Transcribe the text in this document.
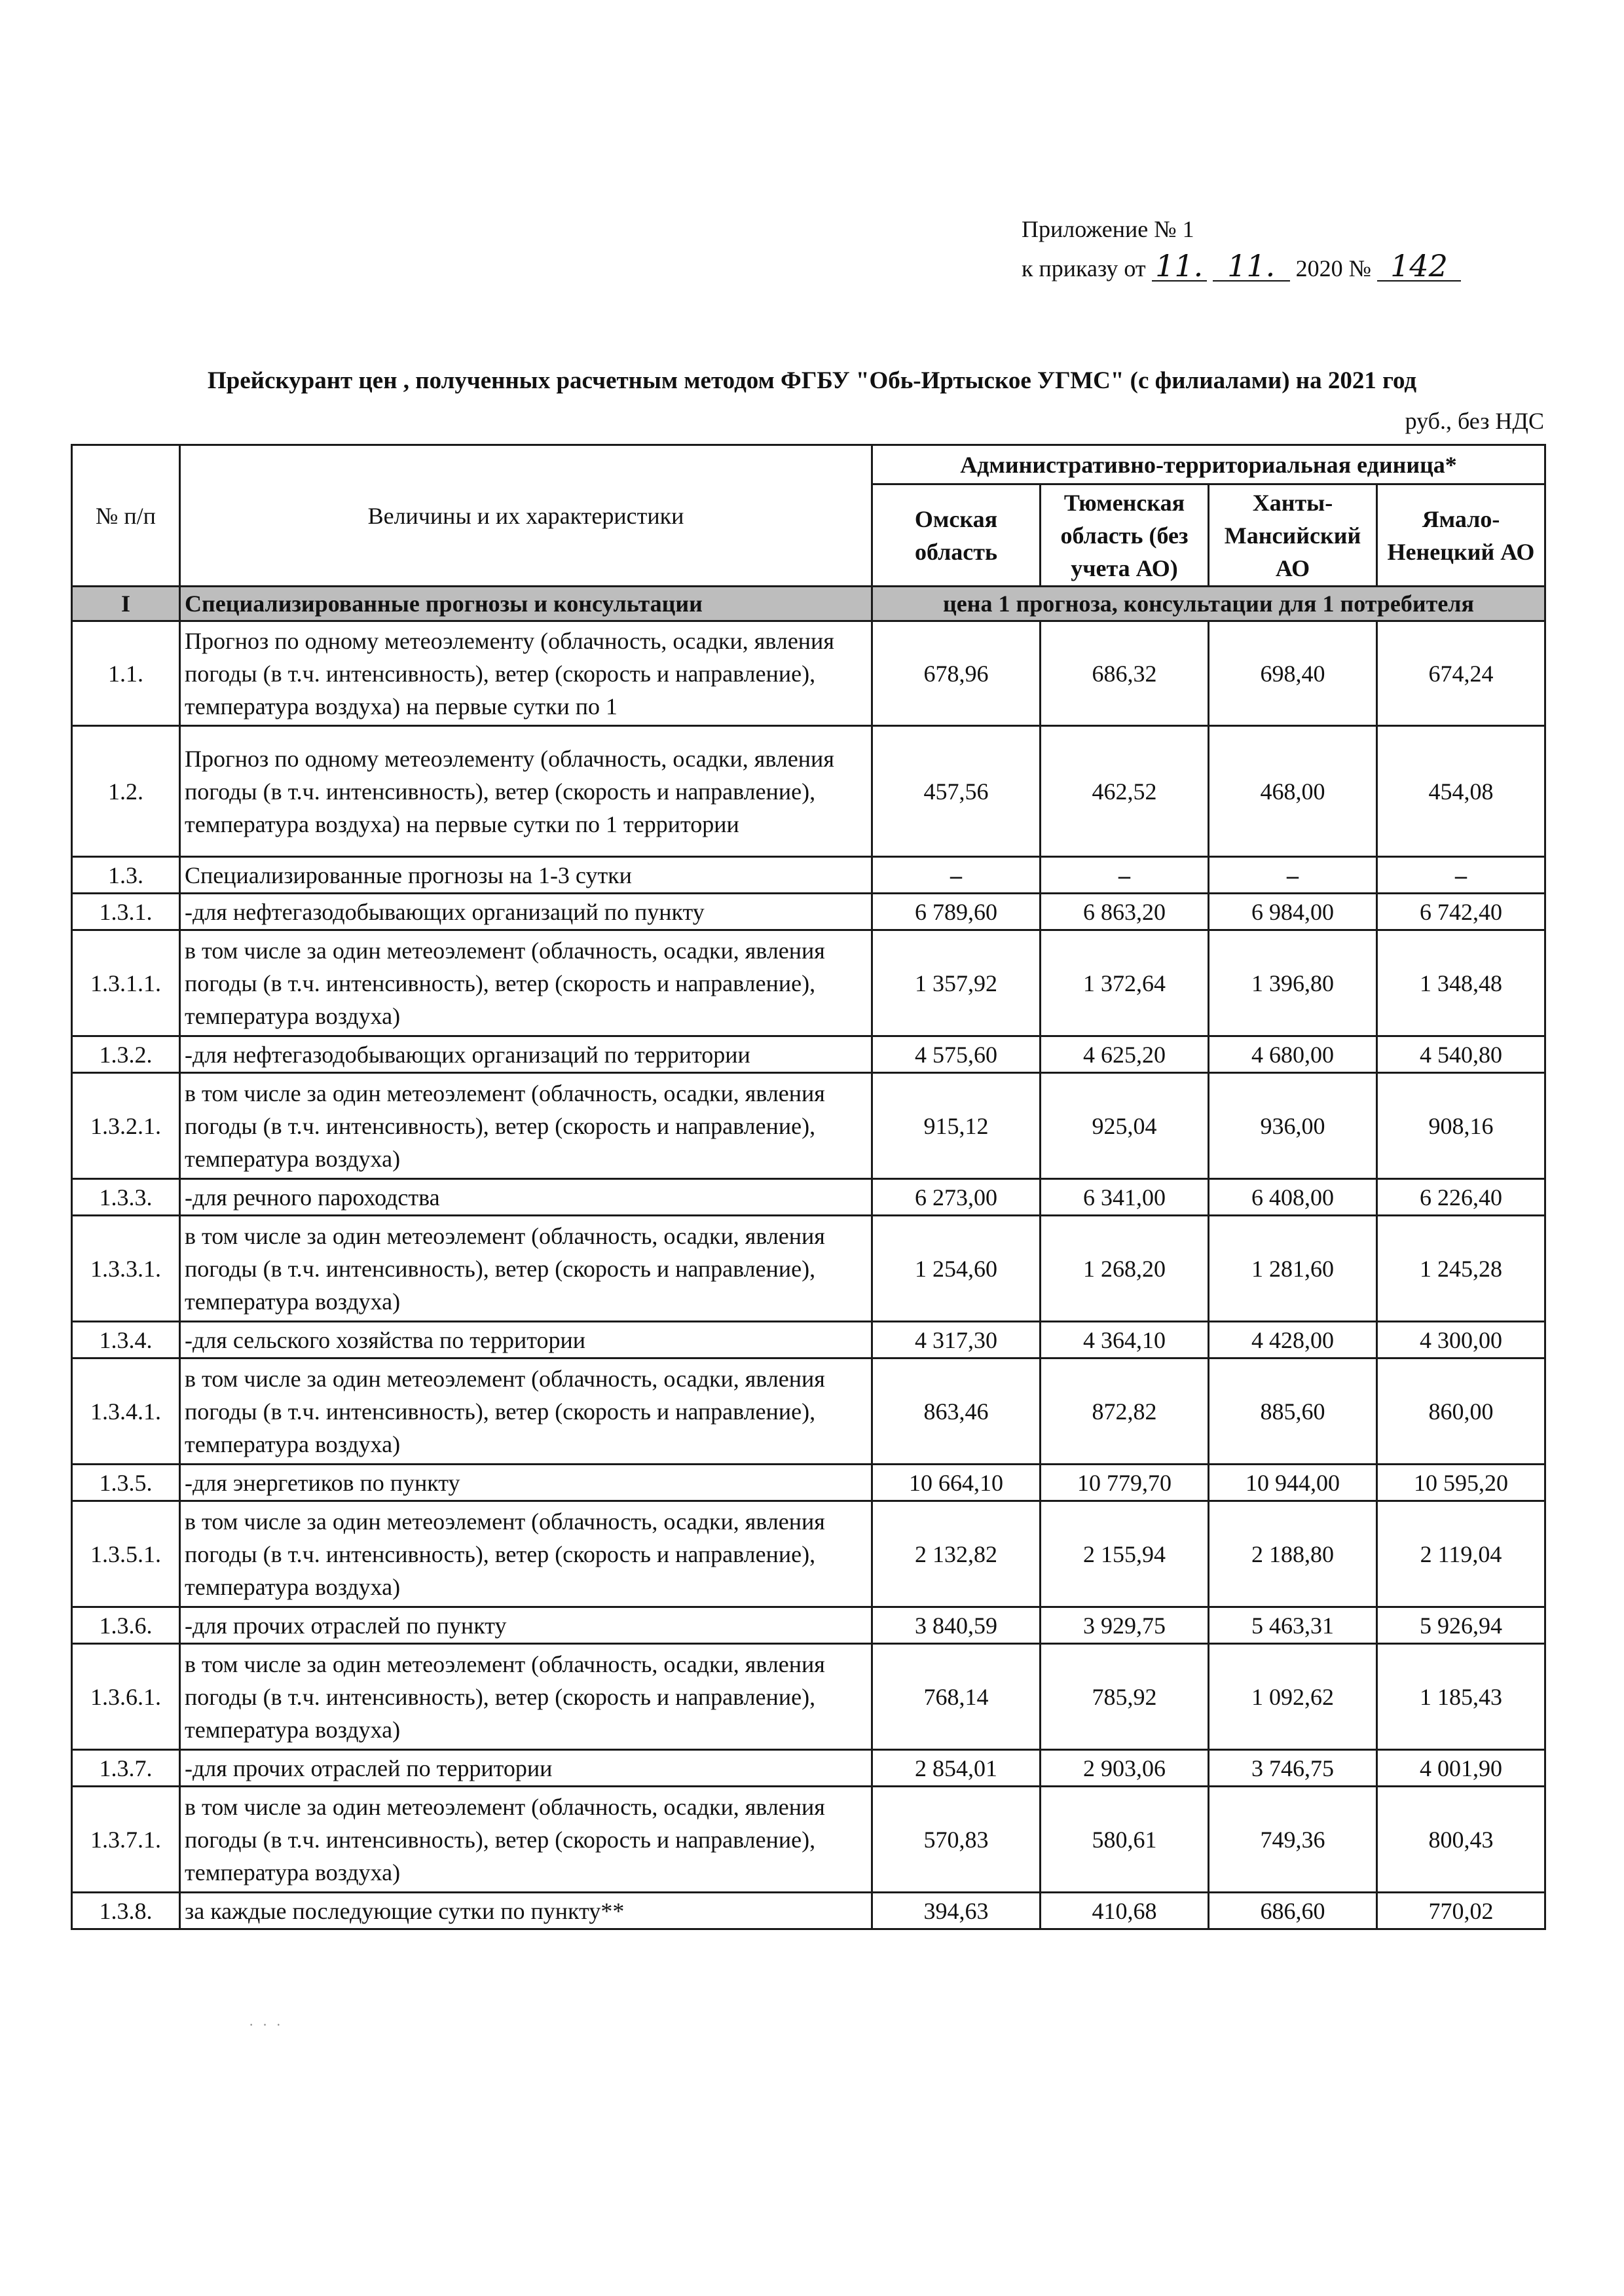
Приложение № 1
к приказу от 11. 11. 2020 № 142
Прейскурант цен , полученных расчетным методом ФГБУ "Обь-Иртыское УГМС" (с филиалами) на 2021 год
руб., без НДС
№ п/п	Величины и их характеристики	Административно-территориальная единица*			
		Омская область	Тюменская область (без учета АО)	Ханты-Мансийский АО	Ямало-Ненецкий АО
I	Специализированные прогнозы и консультации	цена 1 прогноза, консультации для 1 потребителя			
1.1.	Прогноз по одному метеоэлементу (облачность, осадки, явления погоды (в т.ч. интенсивность), ветер (скорость и направление), температура воздуха) на первые сутки по 1	678,96	686,32	698,40	674,24
1.2.	Прогноз по одному метеоэлементу (облачность, осадки, явления погоды (в т.ч. интенсивность), ветер (скорость и направление), температура воздуха) на первые сутки по 1 территории	457,56	462,52	468,00	454,08
1.3.	Специализированные прогнозы на 1-3 сутки	–	–	–	–
1.3.1.	-для нефтегазодобывающих организаций по пункту	6 789,60	6 863,20	6 984,00	6 742,40
1.3.1.1.	в том числе за один метеоэлемент (облачность, осадки, явления погоды (в т.ч. интенсивность), ветер (скорость и направление), температура воздуха)	1 357,92	1 372,64	1 396,80	1 348,48
1.3.2.	-для нефтегазодобывающих организаций по территории	4 575,60	4 625,20	4 680,00	4 540,80
1.3.2.1.	в том числе за один метеоэлемент (облачность, осадки, явления погоды (в т.ч. интенсивность), ветер (скорость и направление), температура воздуха)	915,12	925,04	936,00	908,16
1.3.3.	-для речного пароходства	6 273,00	6 341,00	6 408,00	6 226,40
1.3.3.1.	в том числе за один метеоэлемент (облачность, осадки, явления погоды (в т.ч. интенсивность), ветер (скорость и направление), температура воздуха)	1 254,60	1 268,20	1 281,60	1 245,28
1.3.4.	-для сельского хозяйства по территории	4 317,30	4 364,10	4 428,00	4 300,00
1.3.4.1.	в том числе за один метеоэлемент (облачность, осадки, явления погоды (в т.ч. интенсивность), ветер (скорость и направление), температура воздуха)	863,46	872,82	885,60	860,00
1.3.5.	-для энергетиков по пункту	10 664,10	10 779,70	10 944,00	10 595,20
1.3.5.1.	в том числе за один метеоэлемент (облачность, осадки, явления погоды (в т.ч. интенсивность), ветер (скорость и направление), температура воздуха)	2 132,82	2 155,94	2 188,80	2 119,04
1.3.6.	-для прочих отраслей по пункту	3 840,59	3 929,75	5 463,31	5 926,94
1.3.6.1.	в том числе за один метеоэлемент (облачность, осадки, явления погоды (в т.ч. интенсивность), ветер (скорость и направление), температура воздуха)	768,14	785,92	1 092,62	1 185,43
1.3.7.	-для прочих отраслей по территории	2 854,01	2 903,06	3 746,75	4 001,90
1.3.7.1.	в том числе за один метеоэлемент (облачность, осадки, явления погоды (в т.ч. интенсивность), ветер (скорость и направление), температура воздуха)	570,83	580,61	749,36	800,43
1.3.8.	за каждые последующие сутки по пункту**	394,63	410,68	686,60	770,02
· · ·
